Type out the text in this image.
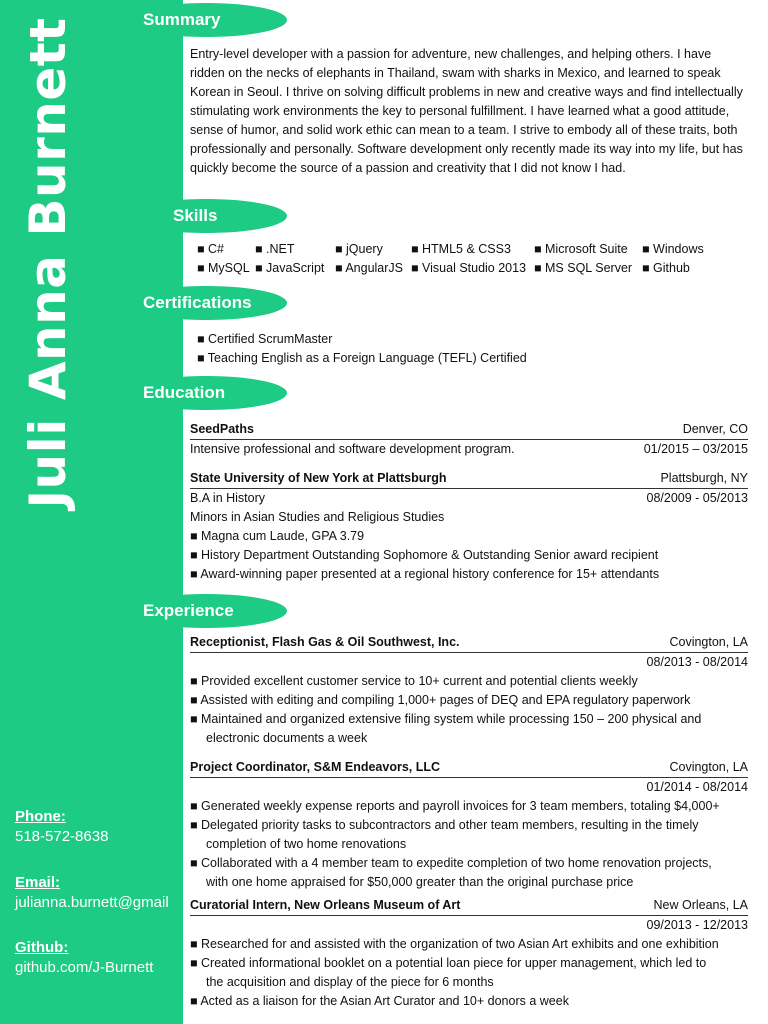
Juli Anna Burnett
Phone:
518-572-8638
Email:
julianna.burnett@gmail
Github:
github.com/J-Burnett
Summary
Skills
Certifications
Education
Experience
Entry-level developer with a passion for adventure, new challenges, and helping others. I have ridden on the necks of elephants in Thailand, swam with sharks in Mexico, and learned to speak Korean in Seoul. I thrive on solving difficult problems in new and creative ways and find intellectually stimulating work environments the key to personal fulfillment. I have learned what a good attitude, sense of humor, and solid work ethic can mean to a team. I strive to embody all of these traits, both professionally and personally. Software development only recently made its way into my life, but has quickly become the source of a passion and creativity that I did not know I had.
■ C# ■ .NET	■ jQuery ■ HTML5 & CSS3 ■ Microsoft Suite ■ Windows
■ MySQL ■ JavaScript ■ AngularJS ■ Visual Studio 2013 ■ MS SQL Server ■ Github
■ Certified ScrumMaster
■ Teaching English as a Foreign Language (TEFL) Certified
SeedPaths	Denver, CO
Intensive professional and software development program.	01/2015 – 03/2015
State University of New York at Plattsburgh	Plattsburgh, NY
B.A in History	08/2009 - 05/2013
Minors in Asian Studies and Religious Studies
■ Magna cum Laude, GPA 3.79
■ History Department Outstanding Sophomore & Outstanding Senior award recipient
■ Award-winning paper presented at a regional history conference for 15+ attendants
Receptionist, Flash Gas & Oil Southwest, Inc.	Covington, LA
08/2013 - 08/2014
■ Provided excellent customer service to 10+ current and potential clients weekly
■ Assisted with editing and compiling 1,000+ pages of DEQ and EPA regulatory paperwork
■ Maintained and organized extensive filing system while processing 150 – 200 physical and
electronic documents a week
Project Coordinator, S&M Endeavors, LLC	Covington, LA
01/2014 - 08/2014
■ Generated weekly expense reports and payroll invoices for 3 team members, totaling $4,000+
■ Delegated priority tasks to subcontractors and other team members, resulting in the timely
completion of two home renovations
■ Collaborated with a 4 member team to expedite completion of two home renovation projects,
with one home appraised for $50,000 greater than the original purchase price
Curatorial Intern, New Orleans Museum of Art	New Orleans, LA
09/2013 - 12/2013
■ Researched for and assisted with the organization of two Asian Art exhibits and one exhibition
■ Created informational booklet on a potential loan piece for upper management, which led to
the acquisition and display of the piece for 6 months
■ Acted as a liaison for the Asian Art Curator and 10+ donors a week
